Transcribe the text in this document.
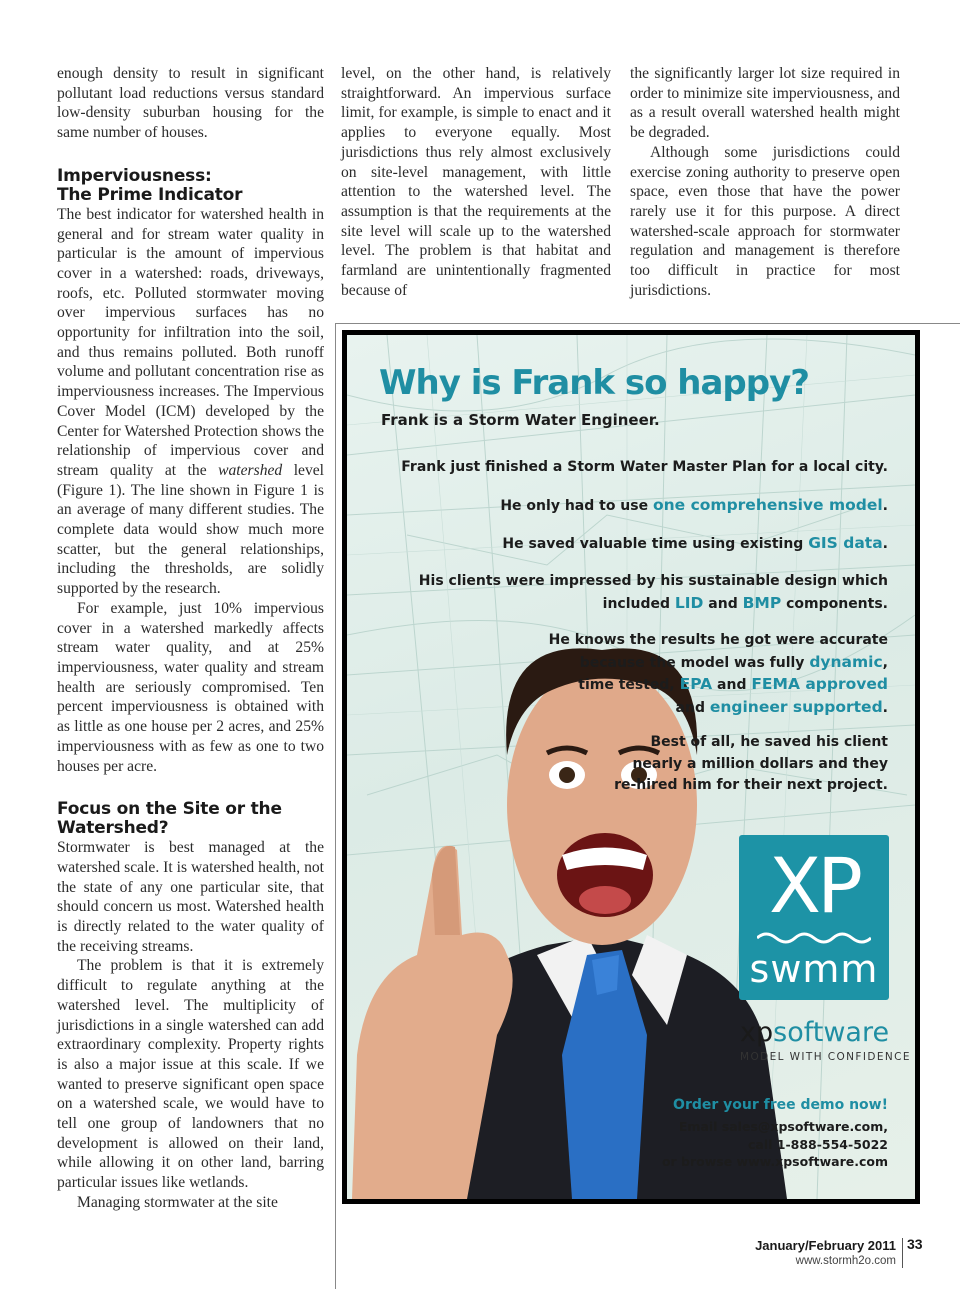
enough density to result in significant pollutant load reductions versus standard low-density suburban housing for the same number of houses.

Imperviousness:
The Prime Indicator

The best indicator for watershed health in general and for stream water quality in particular is the amount of impervious cover in a watershed: roads, driveways, roofs, etc. Polluted stormwater moving over impervious surfaces has no opportunity for infiltration into the soil, and thus remains polluted. Both runoff volume and pollutant concentration rise as imperviousness increases. The Impervious Cover Model (ICM) developed by the Center for Watershed Protection shows the relationship of impervious cover and stream quality at the watershed level (Figure 1). The line shown in Figure 1 is an average of many different studies. The complete data would show much more scatter, but the general relationships, including the thresholds, are solidly supported by the research.

For example, just 10% impervious cover in a watershed markedly affects stream water quality, and at 25% imperviousness, water quality and stream health are seriously compromised. Ten percent imperviousness is obtained with as little as one house per 2 acres, and 25% imperviousness with as few as one to two houses per acre.

Focus on the Site or the
Watershed?

Stormwater is best managed at the watershed scale. It is watershed health, not the state of any one particular site, that should concern us most. Watershed health is directly related to the water quality of the receiving streams.

The problem is that it is extremely difficult to regulate anything at the watershed level. The multiplicity of jurisdictions in a single watershed can add extraordinary complexity. Property rights is also a major issue at this scale. If we wanted to preserve significant open space on a watershed scale, we would have to tell one group of landowners that no development is allowed on their land, while allowing it on other land, barring particular issues like wetlands.

Managing stormwater at the site

level, on the other hand, is relatively straightforward. An impervious surface limit, for example, is simple to enact and it applies to everyone equally. Most jurisdictions thus rely almost exclusively on site-level management, with little attention to the watershed level. The assumption is that the requirements at the site level will scale up to the watershed level. The problem is that habitat and farmland are unintentionally fragmented because of

the significantly larger lot size required in order to minimize site imperviousness, and as a result overall watershed health might be degraded.

Although some jurisdictions could exercise zoning authority to preserve open space, even those that have the power rarely use it for this purpose. A direct watershed-scale approach for stormwater regulation and management is therefore too difficult in practice for most jurisdictions.

Why is Frank so happy?
Frank is a Storm Water Engineer.
Frank just finished a Storm Water Master Plan for a local city.
He only had to use one comprehensive model.
He saved valuable time using existing GIS data.
His clients were impressed by his sustainable design which
included LID and BMP components.
He knows the results he got were accurate
because the model was fully dynamic,
time tested, EPA and FEMA approved
and engineer supported.
Best of all, he saved his client
nearly a million dollars and they
re-hired him for their next project.
XP
swmm
xpsoftware
MODEL WITH CONFIDENCE
Order your free demo now!
Email sales@xpsoftware.com,
call 1-888-554-5022
or browse www.xpsoftware.com
January/February 2011
www.stormh2o.com
33
